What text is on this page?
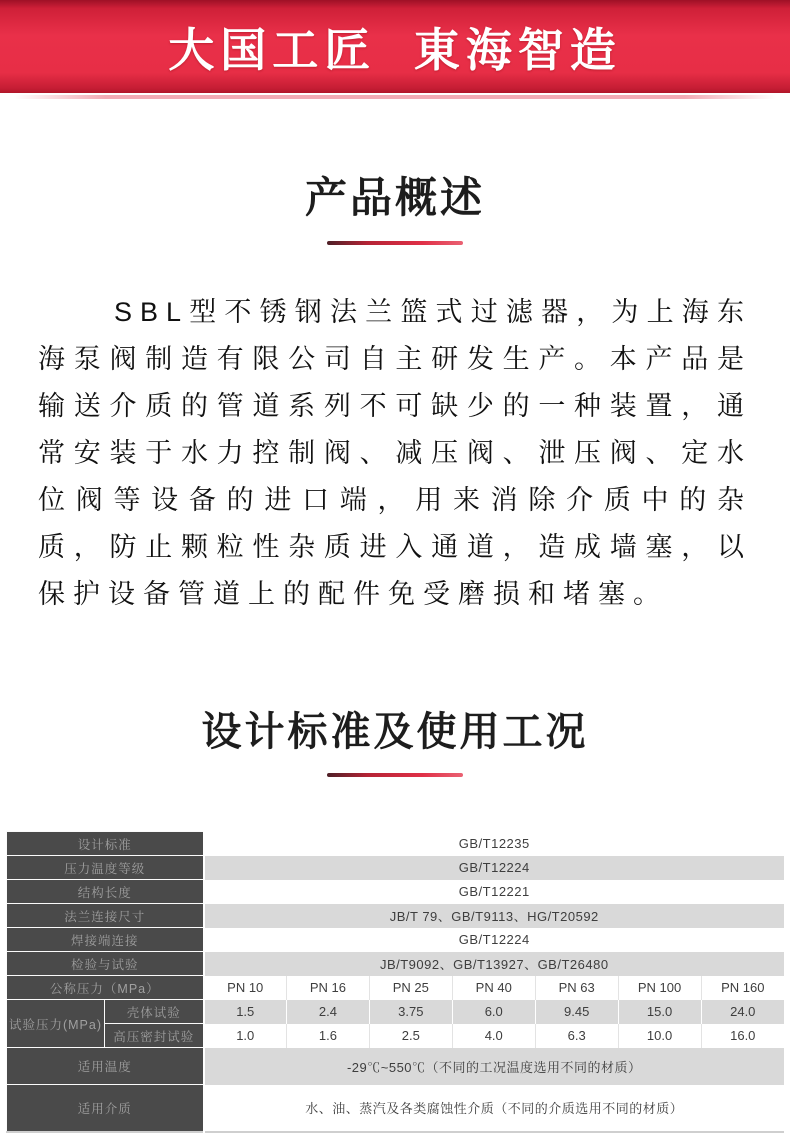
大国工匠  東海智造
产品概述

SBL型不锈钢法兰篮式过滤器，为上海东海泵阀制造有限公司自主研发生产。本产品是输送介质的管道系列不可缺少的一种装置，通常安装于水力控制阀、减压阀、泄压阀、定水位阀等设备的进口端，用来消除介质中的杂质，防止颗粒性杂质进入通道，造成墙塞，以保护设备管道上的配件免受磨损和堵塞。

设计标准及使用工况
设计标准		GB/T12235						
压力温度等级		GB/T12224						
结构长度		GB/T12221						
法兰连接尺寸		JB/T 79、GB/T9113、HG/T20592						
焊接端连接		GB/T12224						
检验与试验		JB/T9092、GB/T13927、GB/T26480						
公称压力（MPa）		PN 10	PN 16	PN 25	PN 40	PN 63	PN 100	PN 160
试验压力(MPa)	壳体试验	1.5	2.4	3.75	6.0	9.45	15.0	24.0
	高压密封试验	1.0	1.6	2.5	4.0	6.3	10.0	16.0
适用温度		-29℃~550℃（不同的工况温度选用不同的材质）						
适用介质		水、油、蒸汽及各类腐蚀性介质（不同的介质选用不同的材质）						
